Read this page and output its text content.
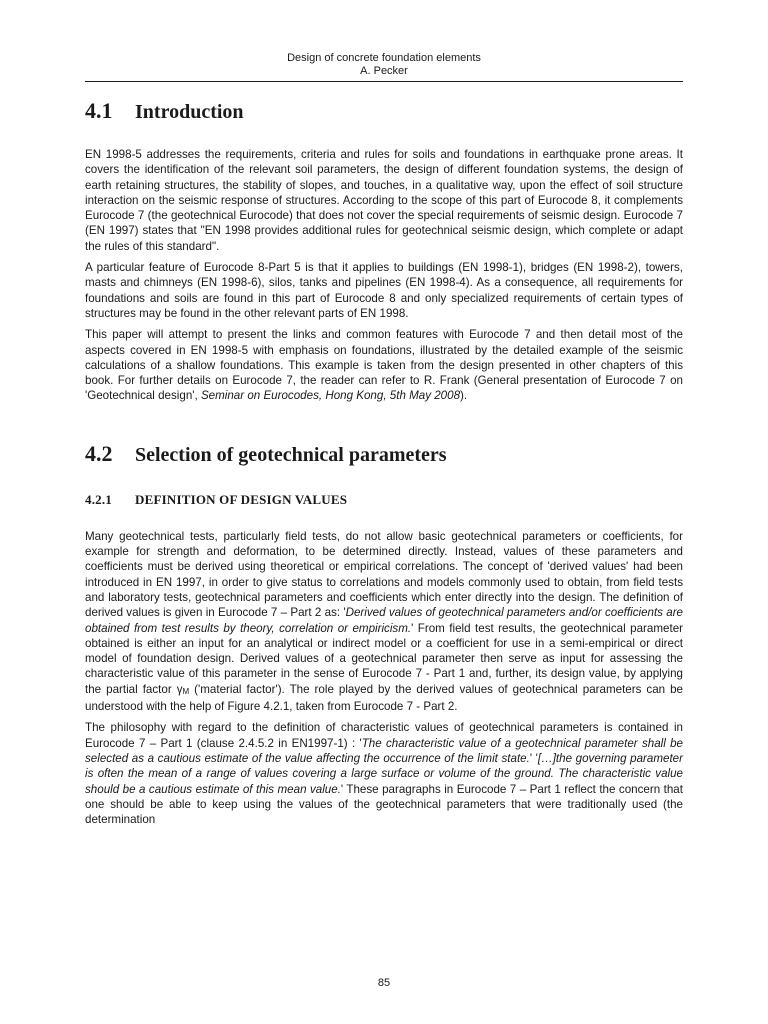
Design of concrete foundation elements
A. Pecker
4.1 Introduction

EN 1998-5 addresses the requirements, criteria and rules for soils and foundations in earthquake prone areas. It covers the identification of the relevant soil parameters, the design of different foundation systems, the design of earth retaining structures, the stability of slopes, and touches, in a qualitative way, upon the effect of soil structure interaction on the seismic response of structures. According to the scope of this part of Eurocode 8, it complements Eurocode 7 (the geotechnical Eurocode) that does not cover the special requirements of seismic design. Eurocode 7 (EN 1997) states that "EN 1998 provides additional rules for geotechnical seismic design, which complete or adapt the rules of this standard".

A particular feature of Eurocode 8-Part 5 is that it applies to buildings (EN 1998-1), bridges (EN 1998-2), towers, masts and chimneys (EN 1998-6), silos, tanks and pipelines (EN 1998-4). As a consequence, all requirements for foundations and soils are found in this part of Eurocode 8 and only specialized requirements of certain types of structures may be found in the other relevant parts of EN 1998.

This paper will attempt to present the links and common features with Eurocode 7 and then detail most of the aspects covered in EN 1998-5 with emphasis on foundations, illustrated by the detailed example of the seismic calculations of a shallow foundations. This example is taken from the design presented in other chapters of this book. For further details on Eurocode 7, the reader can refer to R. Frank (General presentation of Eurocode 7 on 'Geotechnical design', Seminar on Eurocodes, Hong Kong, 5th May 2008).

4.2 Selection of geotechnical parameters
4.2.1 DEFINITION OF DESIGN VALUES

Many geotechnical tests, particularly field tests, do not allow basic geotechnical parameters or coefficients, for example for strength and deformation, to be determined directly. Instead, values of these parameters and coefficients must be derived using theoretical or empirical correlations. The concept of 'derived values' had been introduced in EN 1997, in order to give status to correlations and models commonly used to obtain, from field tests and laboratory tests, geotechnical parameters and coefficients which enter directly into the design. The definition of derived values is given in Eurocode 7 – Part 2 as: 'Derived values of geotechnical parameters and/or coefficients are obtained from test results by theory, correlation or empiricism.' From field test results, the geotechnical parameter obtained is either an input for an analytical or indirect model or a coefficient for use in a semi-empirical or direct model of foundation design. Derived values of a geotechnical parameter then serve as input for assessing the characteristic value of this parameter in the sense of Eurocode 7 - Part 1 and, further, its design value, by applying the partial factor $\gamma_M$ ('material factor'). The role played by the derived values of geotechnical parameters can be understood with the help of Figure 4.2.1, taken from Eurocode 7 - Part 2.

The philosophy with regard to the definition of characteristic values of geotechnical parameters is contained in Eurocode 7 – Part 1 (clause 2.4.5.2 in EN1997-1) : 'The characteristic value of a geotechnical parameter shall be selected as a cautious estimate of the value affecting the occurrence of the limit state.' '[…]the governing parameter is often the mean of a range of values covering a large surface or volume of the ground. The characteristic value should be a cautious estimate of this mean value.' These paragraphs in Eurocode 7 – Part 1 reflect the concern that one should be able to keep using the values of the geotechnical parameters that were traditionally used (the determination

85
